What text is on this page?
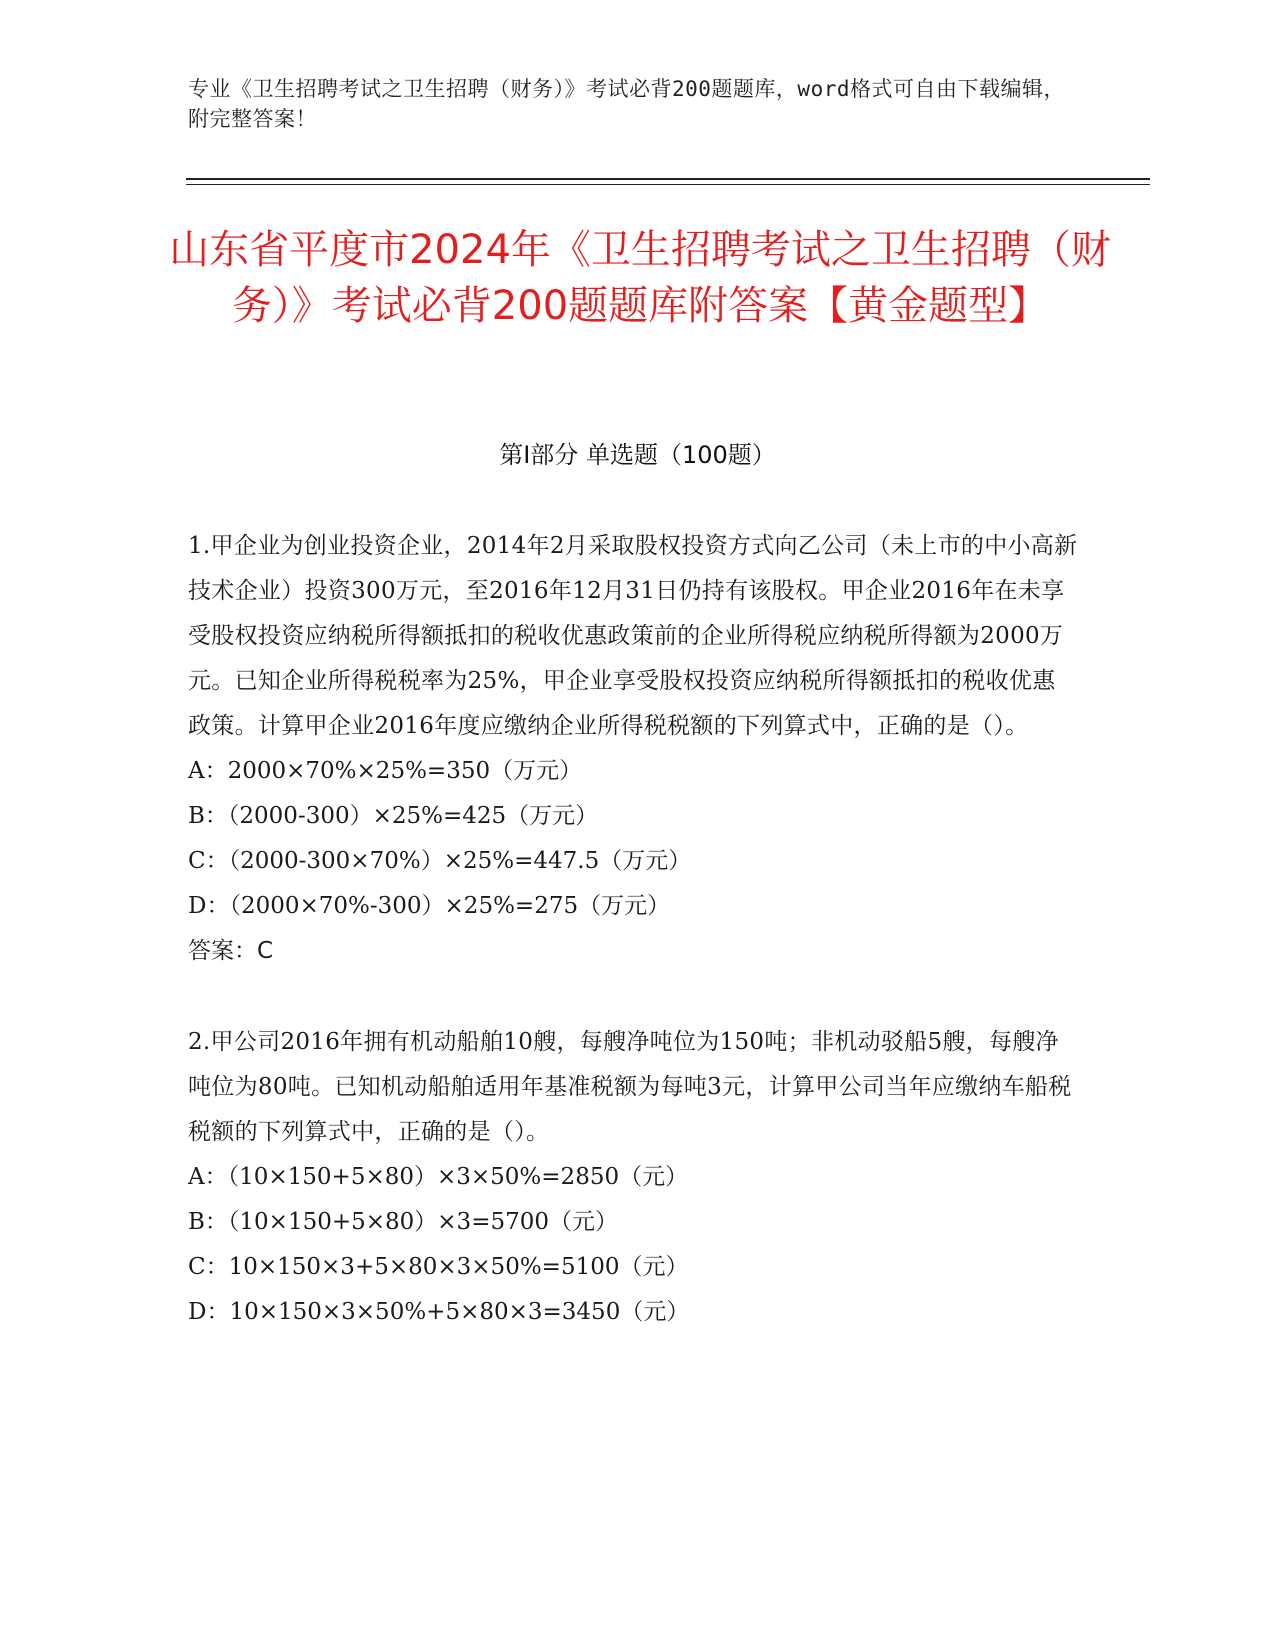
专业《卫生招聘考试之卫生招聘（财务）》考试必背200题题库，word格式可自由下载编辑，附完整答案！
山东省平度市2024年《卫生招聘考试之卫生招聘（财务）》考试必背200题题库附答案【黄金题型】
第Ⅰ部分 单选题（100题）

1.甲企业为创业投资企业，2014年2月采取股权投资方式向乙公司（未上市的中小高新技术企业）投资300万元，至2016年12月31日仍持有该股权。甲企业2016年在未享受股权投资应纳税所得额抵扣的税收优惠政策前的企业所得税应纳税所得额为2000万元。已知企业所得税税率为25%，甲企业享受股权投资应纳税所得额抵扣的税收优惠政策。计算甲企业2016年度应缴纳企业所得税税额的下列算式中，正确的是（）。

A：2000×70%×25%=350（万元）

B：（2000-300）×25%=425（万元）

C：（2000-300×70%）×25%=447.5（万元）

D：（2000×70%-300）×25%=275（万元）

答案：C

2.甲公司2016年拥有机动船舶10艘，每艘净吨位为150吨；非机动驳船5艘，每艘净吨位为80吨。已知机动船舶适用年基准税额为每吨3元，计算甲公司当年应缴纳车船税税额的下列算式中，正确的是（）。

A：（10×150+5×80）×3×50%=2850（元）

B：（10×150+5×80）×3=5700（元）

C：10×150×3+5×80×3×50%=5100（元）

D：10×150×3×50%+5×80×3=3450（元）
